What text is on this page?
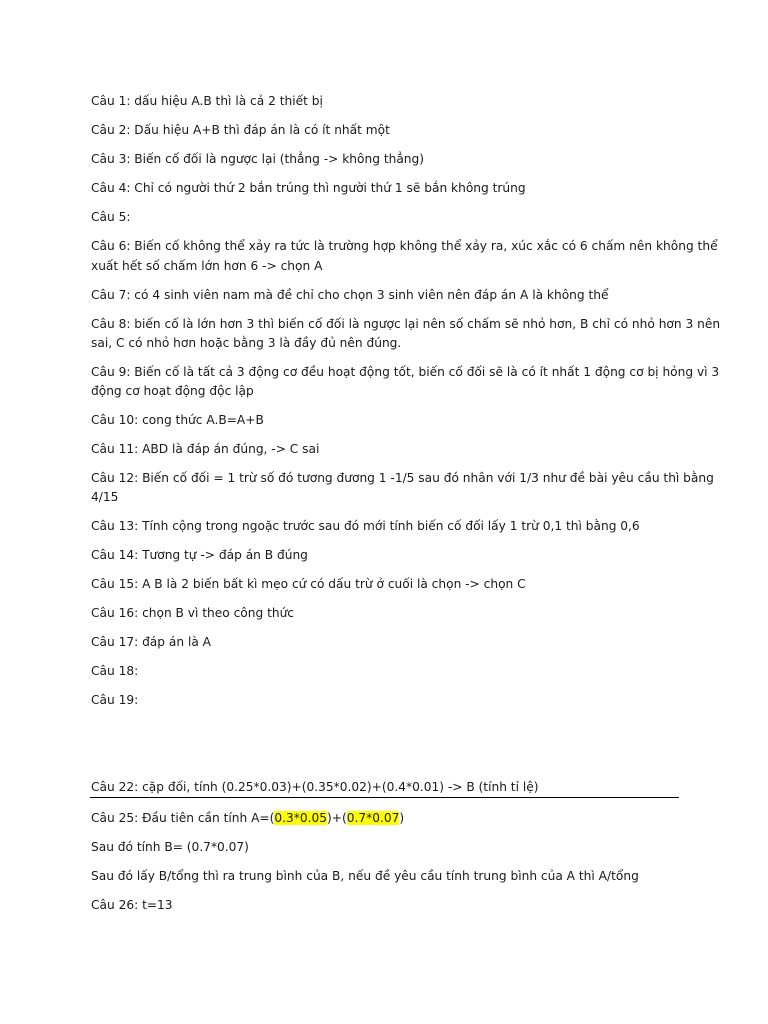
Câu 1: dấu hiệu A.B thì là cả 2 thiết bị
Câu 2: Dấu hiệu A+B thì đáp án là có ít nhất một
Câu 3: Biến cố đối là ngược lại (thẳng -> không thẳng)
Câu 4: Chỉ có người thứ 2 bắn trúng thì người thứ 1 sẽ bắn không trúng
Câu 5:
Câu 6: Biến cố không thể xảy ra tức là trường hợp không thể xảy ra, xúc xắc có 6 chấm nên không thể
xuất hết số chấm lớn hơn 6 -> chọn A
Câu 7: có 4 sinh viên nam mà đề chỉ cho chọn 3 sinh viên nên đáp án A là không thể
Câu 8: biến cố là lớn hơn 3 thì biến cố đối là ngược lại nên số chấm sẽ nhỏ hơn, B chỉ có nhỏ hơn 3 nên
sai, C có nhỏ hơn hoặc bằng 3 là đầy đủ nên đúng.
Câu 9: Biến cố là tất cả 3 động cơ đều hoạt động tốt, biến cố đối sẽ là có ít nhất 1 động cơ bị hỏng vì 3
động cơ hoạt động độc lập
Câu 10: cong thức A.B=A+B
Câu 11: ABD là đáp án đúng, -> C sai
Câu 12: Biến cố đối = 1 trừ số đó tương đương 1 -1/5 sau đó nhân với 1/3 như đề bài yêu cầu thì bằng
4/15
Câu 13: Tính cộng trong ngoặc trước sau đó mới tính biến cố đối lấy 1 trừ 0,1 thì bằng 0,6
Câu 14: Tương tự -> đáp án B đúng
Câu 15: A B là 2 biến bất kì mẹo cứ có dấu trừ ở cuối là chọn -> chọn C
Câu 16: chọn B vì theo công thức
Câu 17: đáp án là A
Câu 18:
Câu 19:
Câu 22: cặp đối, tính (0.25*0.03)+(0.35*0.02)+(0.4*0.01) -> B (tính tỉ lệ)
Câu 25: Đầu tiên cần tính A=(0.3*0.05)+(0.7*0.07)
Sau đó tính B= (0.7*0.07)
Sau đó lấy B/tổng thì ra trung bình của B, nếu đề yêu cầu tính trung bình của A thì A/tổng
Câu 26: t=13
